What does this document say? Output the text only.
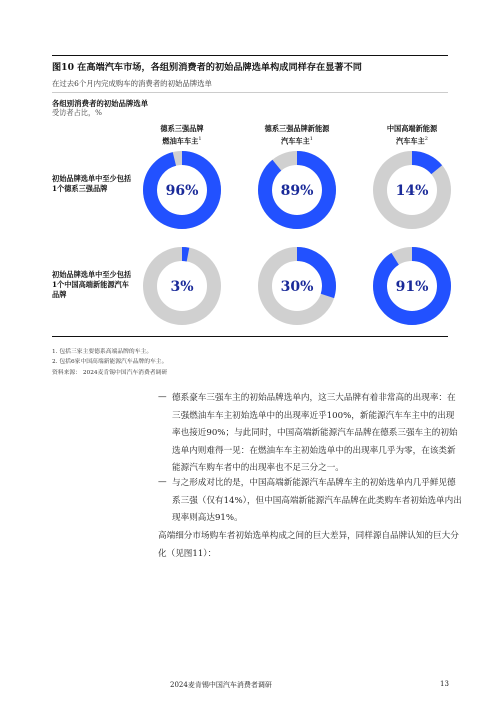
图10 在高端汽车市场，各组别消费者的初始品牌选单构成同样存在显著不同
在过去6个月内完成购车的消费者的初始品牌选单
各组别消费者的初始品牌选单
受访者占比，%
德系三强品牌
燃油车车主$^1$
德系三强品牌新能源
汽车车主$^1$
中国高端新能源
汽车车主$^2$
初始品牌选单中至少包括1个德系三强品牌
初始品牌选单中至少包括1个中国高端新能源汽车品牌
96%	89%	14%
3%	30%	91%
1. 包括三家主要德系高端品牌的车主。
2. 包括6家中国高端新能源汽车品牌的车主。
资料来源： 2024麦肯锡中国汽车消费者调研
— 德系豪车三强车主的初始品牌选单内，这三大品牌有着非常高的出现率：在三强燃油车车主初始选单中的出现率近乎100%，新能源汽车车主中的出现率也接近90%；与此同时，中国高端新能源汽车品牌在德系三强车主的初始选单内则难得一见：在燃油车车主初始选单中的出现率几乎为零，在该类新能源汽车购车者中的出现率也不足三分之一。
— 与之形成对比的是，中国高端新能源汽车品牌车主的初始选单内几乎鲜见德系三强（仅有14%），但中国高端新能源汽车品牌在此类购车者初始选单内出现率则高达91%。
高端细分市场购车者初始选单构成之间的巨大差异，同样源自品牌认知的巨大分化（见图11）：
2024麦肯锡中国汽车消费者调研	13
